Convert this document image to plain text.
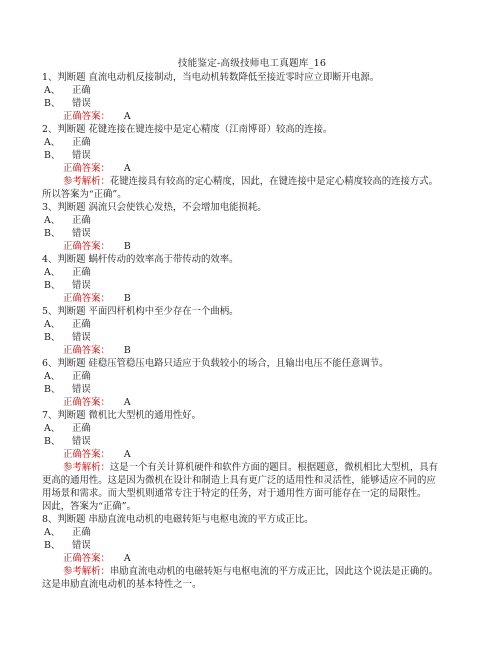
技能鉴定-高级技师电工真题库_16
1、判断题 直流电动机反接制动，当电动机转数降低至接近零时应立即断开电源。
A、 正确
B、 错误
正确答案： A
2、判断题 花键连接在键连接中是定心精度（江南博哥）较高的连接。
A、 正确
B、 错误
正确答案： A
参考解析：花键连接具有较高的定心精度，因此，在键连接中是定心精度较高的连接方式。
所以答案为“正确”。
3、判断题 涡流只会使铁心发热，不会增加电能损耗。
A、 正确
B、 错误
正确答案： B
4、判断题 蜗杆传动的效率高于带传动的效率。
A、 正确
B、 错误
正确答案： B
5、判断题 平面四杆机构中至少存在一个曲柄。
A、 正确
B、 错误
正确答案： B
6、判断题 硅稳压管稳压电路只适应于负载较小的场合，且输出电压不能任意调节。
A、 正确
B、 错误
正确答案： A
7、判断题 微机比大型机的通用性好。
A、 正确
B、 错误
正确答案： A
参考解析：这是一个有关计算机硬件和软件方面的题目。根据题意，微机相比大型机，具有
更高的通用性。这是因为微机在设计和制造上具有更广泛的适用性和灵活性，能够适应不同的应
用场景和需求。而大型机则通常专注于特定的任务，对于通用性方面可能存在一定的局限性。
因此，答案为“正确”。
8、判断题 串励直流电动机的电磁转矩与电枢电流的平方成正比。
A、 正确
B、 错误
正确答案： A
参考解析：串励直流电动机的电磁转矩与电枢电流的平方成正比，因此这个说法是正确的。
这是串励直流电动机的基本特性之一。
